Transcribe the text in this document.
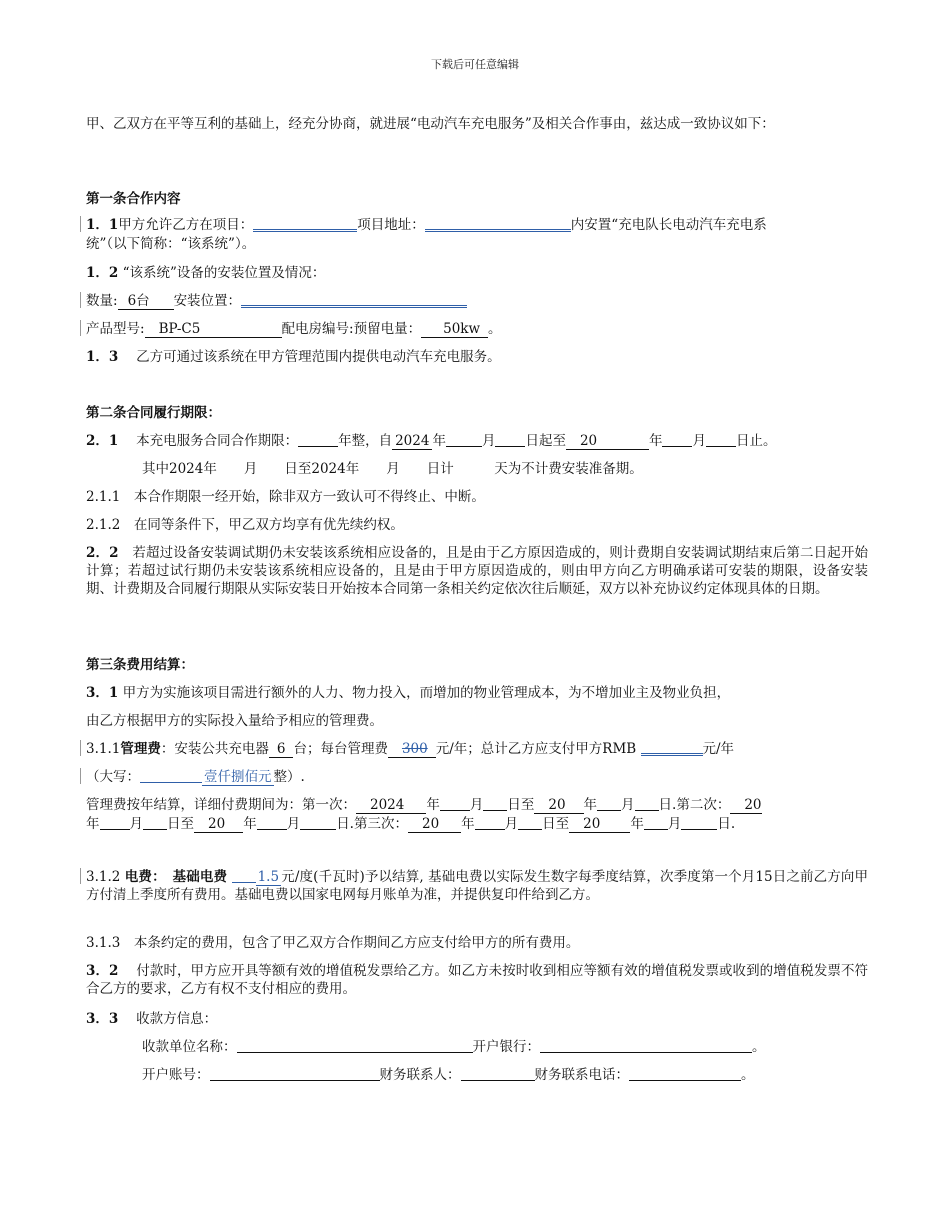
下载后可任意编辑
甲、乙双方在平等互利的基础上，经充分协商，就进展“电动汽车充电服务”及相关合作事由，兹达成一致协议如下：
第一条合作内容
1．1甲方允许乙方在项目：	项目地址：	内安置“充电队长电动汽车充电系
统”（以下简称：“该系统”）。
1．2 “该系统”设备的安装位置及情况：
数量: 6台 安装位置：
产品型号: BP-C5	配电房编号:预留电量： 50kw 。
1．3　 乙方可通过该系统在甲方管理范围内提供电动汽车充电服务。
第二条合同履行期限：
2．1　 本充电服务合同合作期限：	年整，自 2024 年	月 日起至 20	年 月 日止。
其中2024年　　月　　日至2024年　　月　　日计　　　天为不计费安装准备期。
2.1.1　 本合作期限一经开始，除非双方一致认可不得终止、中断。
2.1.2　 在同等条件下，甲乙双方均享有优先续约权。
2．2　 若超过设备安装调试期仍未安装该系统相应设备的，且是由于乙方原因造成的，则计费期自安装调试期结束后第二日起开始计算；若超过试行期仍未安装该系统相应设备的，且是由于甲方原因造成的，则由甲方向乙方明确承诺可安装的期限，设备安装期、计费期及合同履行期限从实际安装日开始按本合同第一条相关约定依次往后顺延，双方以补充协议约定体现具体的日期。
第三条费用结算：
3．1 甲方为实施该项目需进行额外的人力、物力投入，而增加的物业管理成本，为不增加业主及物业负担，
由乙方根据甲方的实际投入量给予相应的管理费。
3.1.1管理费：安装公共充电器 6 台；每台管理费 300 元/年；总计乙方应支付甲方RMB	元/年
（大写：	壹仟捌佰元 整）.
管理费按年结算，详细付费期间为：第一次： 2024 年 月 日至 20 年 月 日.第二次： 20
年 月 日至 20 年 月	日.第三次： 20 年 月 日至 20 年 月	日.
3.1.2 电费：　 基础电费 1.5 元/度(千瓦时)予以结算, 基础电费以实际发生数字每季度结算，次季度第一个月15日之前乙方向甲方付清上季度所有费用。基础电费以国家电网每月账单为准，并提供复印件给到乙方。
3.1.3　 本条约定的费用，包含了甲乙双方合作期间乙方应支付给甲方的所有费用。
3．2　 付款时，甲方应开具等额有效的增值税发票给乙方。如乙方未按时收到相应等额有效的增值税发票或收到的增值税发票不符合乙方的要求，乙方有权不支付相应的费用。
3．3　 收款方信息：
收款单位名称：	开户银行：	。
开户账号：	财务联系人：	财务联系电话：	。
